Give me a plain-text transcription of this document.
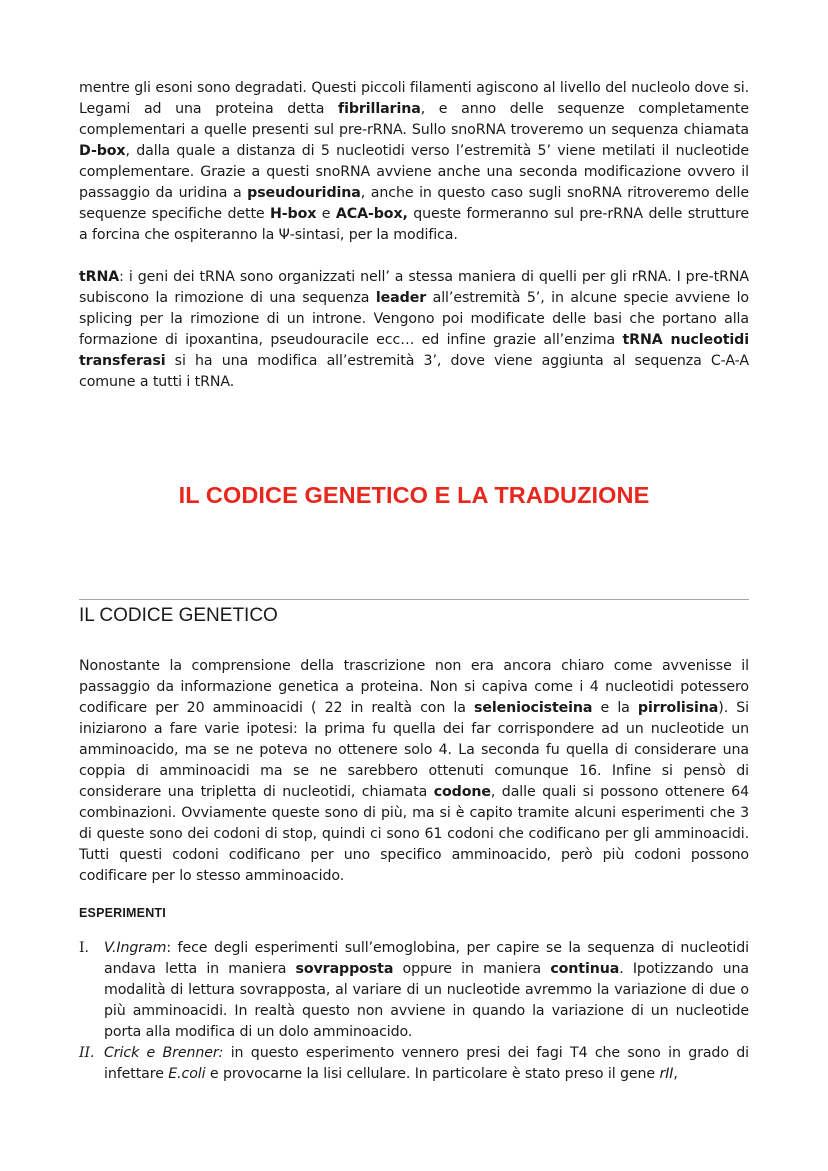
mentre gli esoni sono degradati. Questi piccoli filamenti agiscono al livello del nucleolo dove si. Legami ad una proteina detta fibrillarina, e anno delle sequenze completamente complementari a quelle presenti sul pre-rRNA. Sullo snoRNA troveremo un sequenza chiamata D-box, dalla quale a distanza di 5 nucleotidi verso l’estremità 5’ viene metilati il nucleotide complementare. Grazie a questi snoRNA avviene anche una seconda modificazione ovvero il passaggio da uridina a pseudouridina, anche in questo caso sugli snoRNA ritroveremo delle sequenze specifiche dette H-box e ACA-box, queste formeranno sul pre-rRNA delle strutture a forcina che ospiteranno la Ψ-sintasi, per la modifica.

tRNA: i geni dei tRNA sono organizzati nell’ a stessa maniera di quelli per gli rRNA. I pre-tRNA subiscono la rimozione di una sequenza leader all’estremità 5’, in alcune specie avviene lo splicing per la rimozione di un introne. Vengono poi modificate delle basi che portano alla formazione di ipoxantina, pseudouracile ecc… ed infine grazie all’enzima tRNA nucleotidi transferasi si ha una modifica all’estremità 3’, dove viene aggiunta al sequenza C-A-A comune a tutti i tRNA.

IL CODICE GENETICO E LA TRADUZIONE
IL CODICE GENETICO

Nonostante la comprensione della trascrizione non era ancora chiaro come avvenisse il passaggio da informazione genetica a proteina. Non si capiva come i 4 nucleotidi potessero codificare per 20 amminoacidi ( 22 in realtà con la seleniocisteina e la pirrolisina). Si iniziarono a fare varie ipotesi: la prima fu quella dei far corrispondere ad un nucleotide un amminoacido, ma se ne poteva no ottenere solo 4. La seconda fu quella di considerare una coppia di amminoacidi ma se ne sarebbero ottenuti comunque 16. Infine si pensò di considerare una tripletta di nucleotidi, chiamata codone, dalle quali si possono ottenere 64 combinazioni. Ovviamente queste sono di più, ma si è capito tramite alcuni esperimenti che 3 di queste sono dei codoni di stop, quindi ci sono 61 codoni che codificano per gli amminoacidi. Tutti questi codoni codificano per uno specifico amminoacido, però più codoni possono codificare per lo stesso amminoacido.

ESPERIMENTI
I. V.Ingram: fece degli esperimenti sull’emoglobina, per capire se la sequenza di nucleotidi andava letta in maniera sovrapposta oppure in maniera continua. Ipotizzando una modalità di lettura sovrapposta, al variare di un nucleotide avremmo la variazione di due o più amminoacidi. In realtà questo non avviene in quando la variazione di un nucleotide porta alla modifica di un dolo amminoacido.

II. Crick e Brenner: in questo esperimento vennero presi dei fagi T4 che sono in grado di infettare E.coli e provocarne la lisi cellulare. In particolare è stato preso il gene rII,
